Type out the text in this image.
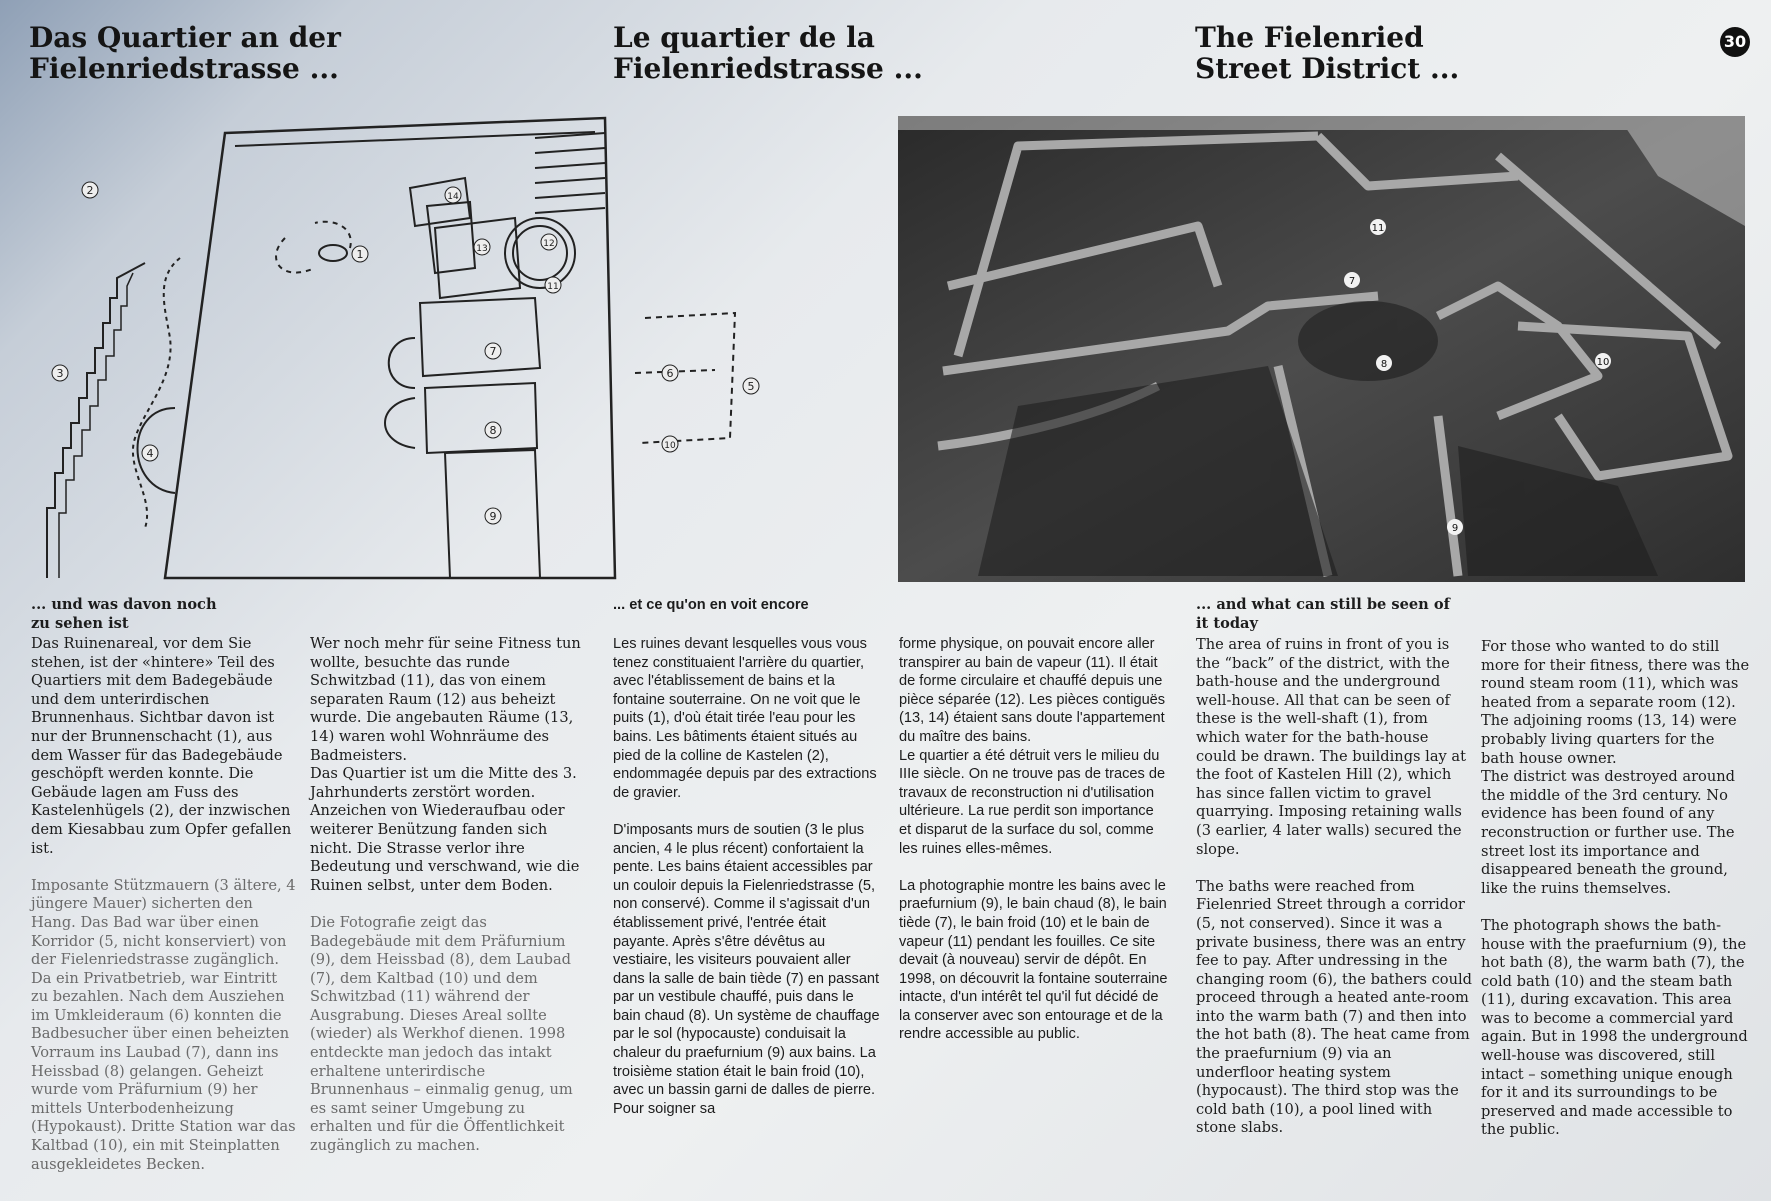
Das Quartier an der
Fielenriedstrasse ...
Le quartier de la
Fielenriedstrasse ...
The Fielenried
Street District ...
30
1
2
3
4
5
6
7
8
9
10
11
12
13
14
11
7
8	10
9
... und was davon noch zu sehen ist

Das Ruinenareal, vor dem Sie stehen, ist der «hintere» Teil des Quartiers mit dem Badegebäude und dem unterirdischen Brunnenhaus. Sichtbar davon ist nur der Brunnenschacht (1), aus dem Wasser für das Badegebäude geschöpft werden konnte. Die Gebäude lagen am Fuss des Kastelenhügels (2), der inzwischen dem Kiesabbau zum Opfer gefallen ist.

Imposante Stützmauern (3 ältere, 4 jüngere Mauer) sicherten den Hang. Das Bad war über einen Korridor (5, nicht konserviert) von der Fielenriedstrasse zugänglich. Da ein Privatbetrieb, war Eintritt zu bezahlen. Nach dem Ausziehen im Umkleideraum (6) konnten die Badbesucher über einen beheizten Vorraum ins Laubad (7), dann ins Heissbad (8) gelangen. Geheizt wurde vom Präfurnium (9) her mittels Unterbodenheizung (Hypokaust). Dritte Station war das Kaltbad (10), ein mit Steinplatten ausgekleidetes Becken.

Wer noch mehr für seine Fitness tun wollte, besuchte das runde Schwitzbad (11), das von einem separaten Raum (12) aus beheizt wurde. Die angebauten Räume (13, 14) waren wohl Wohnräume des Badmeisters.

Das Quartier ist um die Mitte des 3. Jahrhunderts zerstört worden. Anzeichen von Wiederaufbau oder weiterer Benützung fanden sich nicht. Die Strasse verlor ihre Bedeutung und verschwand, wie die Ruinen selbst, unter dem Boden.

Die Fotografie zeigt das Badegebäude mit dem Präfurnium (9), dem Heissbad (8), dem Laubad (7), dem Kaltbad (10) und dem Schwitzbad (11) während der Ausgrabung. Dieses Areal sollte (wieder) als Werkhof dienen. 1998 entdeckte man jedoch das intakt erhaltene unterirdische Brunnenhaus – einmalig genug, um es samt seiner Umgebung zu erhalten und für die Öffentlichkeit zugänglich zu machen.

... et ce qu'on en voit encore

Les ruines devant lesquelles vous vous tenez constituaient l'arrière du quartier, avec l'établissement de bains et la fontaine souterraine. On ne voit que le puits (1), d'où était tirée l'eau pour les bains. Les bâtiments étaient situés au pied de la colline de Kastelen (2), endommagée depuis par des extractions de gravier.

D'imposants murs de soutien (3 le plus ancien, 4 le plus récent) confortaient la pente. Les bains étaient accessibles par un couloir depuis la Fielenriedstrasse (5, non conservé). Comme il s'agissait d'un établissement privé, l'entrée était payante. Après s'être dévêtus au vestiaire, les visiteurs pouvaient aller dans la salle de bain tiède (7) en passant par un vestibule chauffé, puis dans le bain chaud (8). Un système de chauffage par le sol (hypocauste) conduisait la chaleur du praefurnium (9) aux bains. La troisième station était le bain froid (10), avec un bassin garni de dalles de pierre. Pour soigner sa

forme physique, on pouvait encore aller transpirer au bain de vapeur (11). Il était de forme circulaire et chauffé depuis une pièce séparée (12). Les pièces contiguës (13, 14) étaient sans doute l'appartement du maître des bains.

Le quartier a été détruit vers le milieu du IIIe siècle. On ne trouve pas de traces de travaux de reconstruction ni d'utilisation ultérieure. La rue perdit son importance et disparut de la surface du sol, comme les ruines elles-mêmes.

La photographie montre les bains avec le praefurnium (9), le bain chaud (8), le bain tiède (7), le bain froid (10) et le bain de vapeur (11) pendant les fouilles. Ce site devait (à nouveau) servir de dépôt. En 1998, on découvrit la fontaine souterraine intacte, d'un intérêt tel qu'il fut décidé de la conserver avec son entourage et de la rendre accessible au public.

... and what can still be seen of it today

The area of ruins in front of you is the “back” of the district, with the bath-house and the underground well-house. All that can be seen of these is the well-shaft (1), from which water for the bath-house could be drawn. The buildings lay at the foot of Kastelen Hill (2), which has since fallen victim to gravel quarrying. Imposing retaining walls (3 earlier, 4 later walls) secured the slope.

The baths were reached from Fielenried Street through a corridor (5, not conserved). Since it was a private business, there was an entry fee to pay. After undressing in the changing room (6), the bathers could proceed through a heated ante-room into the warm bath (7) and then into the hot bath (8). The heat came from the praefurnium (9) via an underfloor heating system (hypocaust). The third stop was the cold bath (10), a pool lined with stone slabs.

For those who wanted to do still more for their fitness, there was the round steam room (11), which was heated from a separate room (12). The adjoining rooms (13, 14) were probably living quarters for the bath house owner.

The district was destroyed around the middle of the 3rd century. No evidence has been found of any reconstruction or further use. The street lost its importance and disappeared beneath the ground, like the ruins themselves.

The photograph shows the bath-house with the praefurnium (9), the hot bath (8), the warm bath (7), the cold bath (10) and the steam bath (11), during excavation. This area was to become a commercial yard again. But in 1998 the underground well-house was discovered, still intact – something unique enough for it and its surroundings to be preserved and made accessible to the public.
